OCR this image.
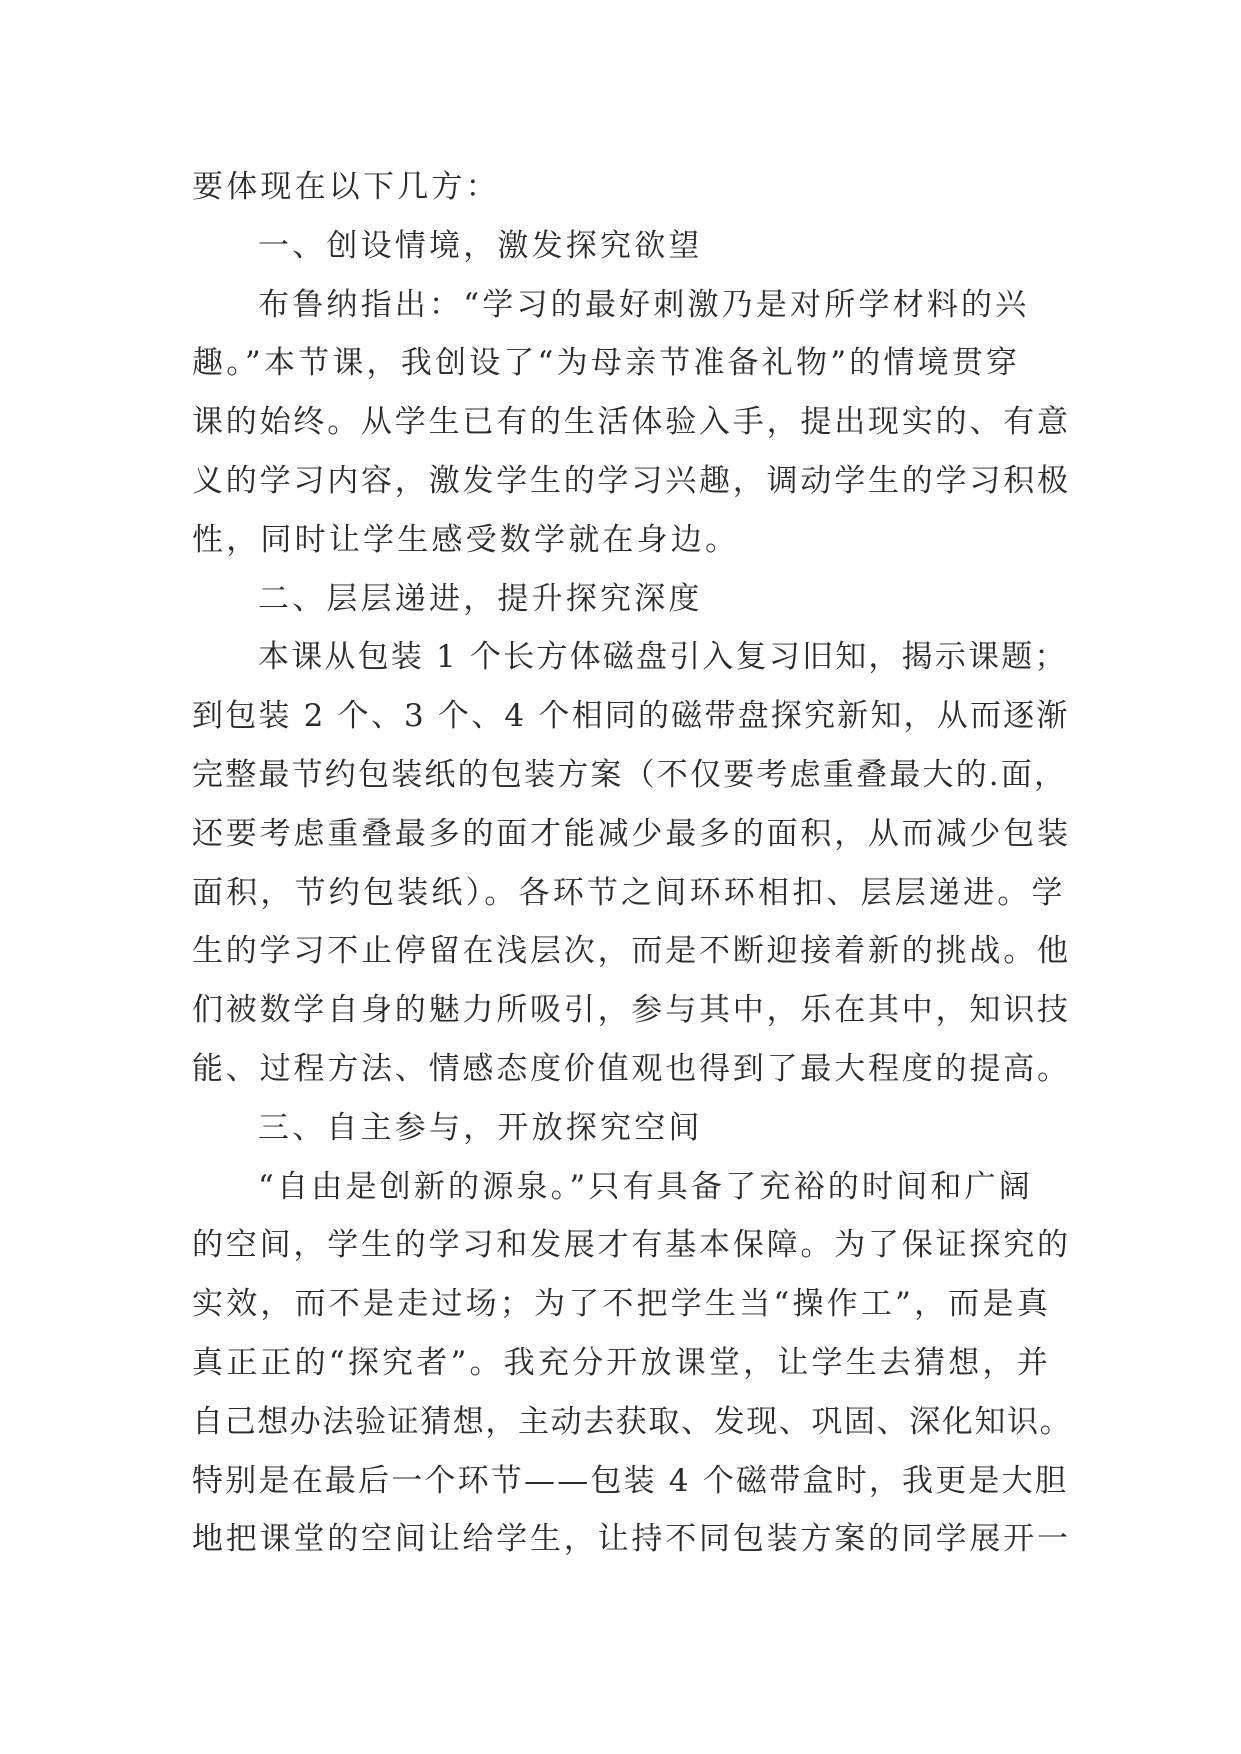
要体现在以下几方：
一、创设情境，激发探究欲望
布鲁纳指出：“学习的最好刺激乃是对所学材料的兴
趣。”本节课，我创设了“为母亲节准备礼物”的情境贯穿
课的始终。从学生已有的生活体验入手，提出现实的、有意
义的学习内容，激发学生的学习兴趣，调动学生的学习积极
性，同时让学生感受数学就在身边。
二、层层递进，提升探究深度
本课从包装 1 个长方体磁盘引入复习旧知，揭示课题；
到包装 2 个、3 个、4 个相同的磁带盘探究新知，从而逐渐
完整最节约包装纸的包装方案（不仅要考虑重叠最大的.面，
还要考虑重叠最多的面才能减少最多的面积，从而减少包装
面积，节约包装纸）。各环节之间环环相扣、层层递进。学
生的学习不止停留在浅层次，而是不断迎接着新的挑战。他
们被数学自身的魅力所吸引，参与其中，乐在其中，知识技
能、过程方法、情感态度价值观也得到了最大程度的提高。
三、自主参与，开放探究空间
“自由是创新的源泉。”只有具备了充裕的时间和广阔
的空间，学生的学习和发展才有基本保障。为了保证探究的
实效，而不是走过场；为了不把学生当“操作工”，而是真
真正正的“探究者”。我充分开放课堂，让学生去猜想，并
自己想办法验证猜想，主动去获取、发现、巩固、深化知识。
特别是在最后一个环节——包装 4 个磁带盒时，我更是大胆
地把课堂的空间让给学生，让持不同包装方案的同学展开一
